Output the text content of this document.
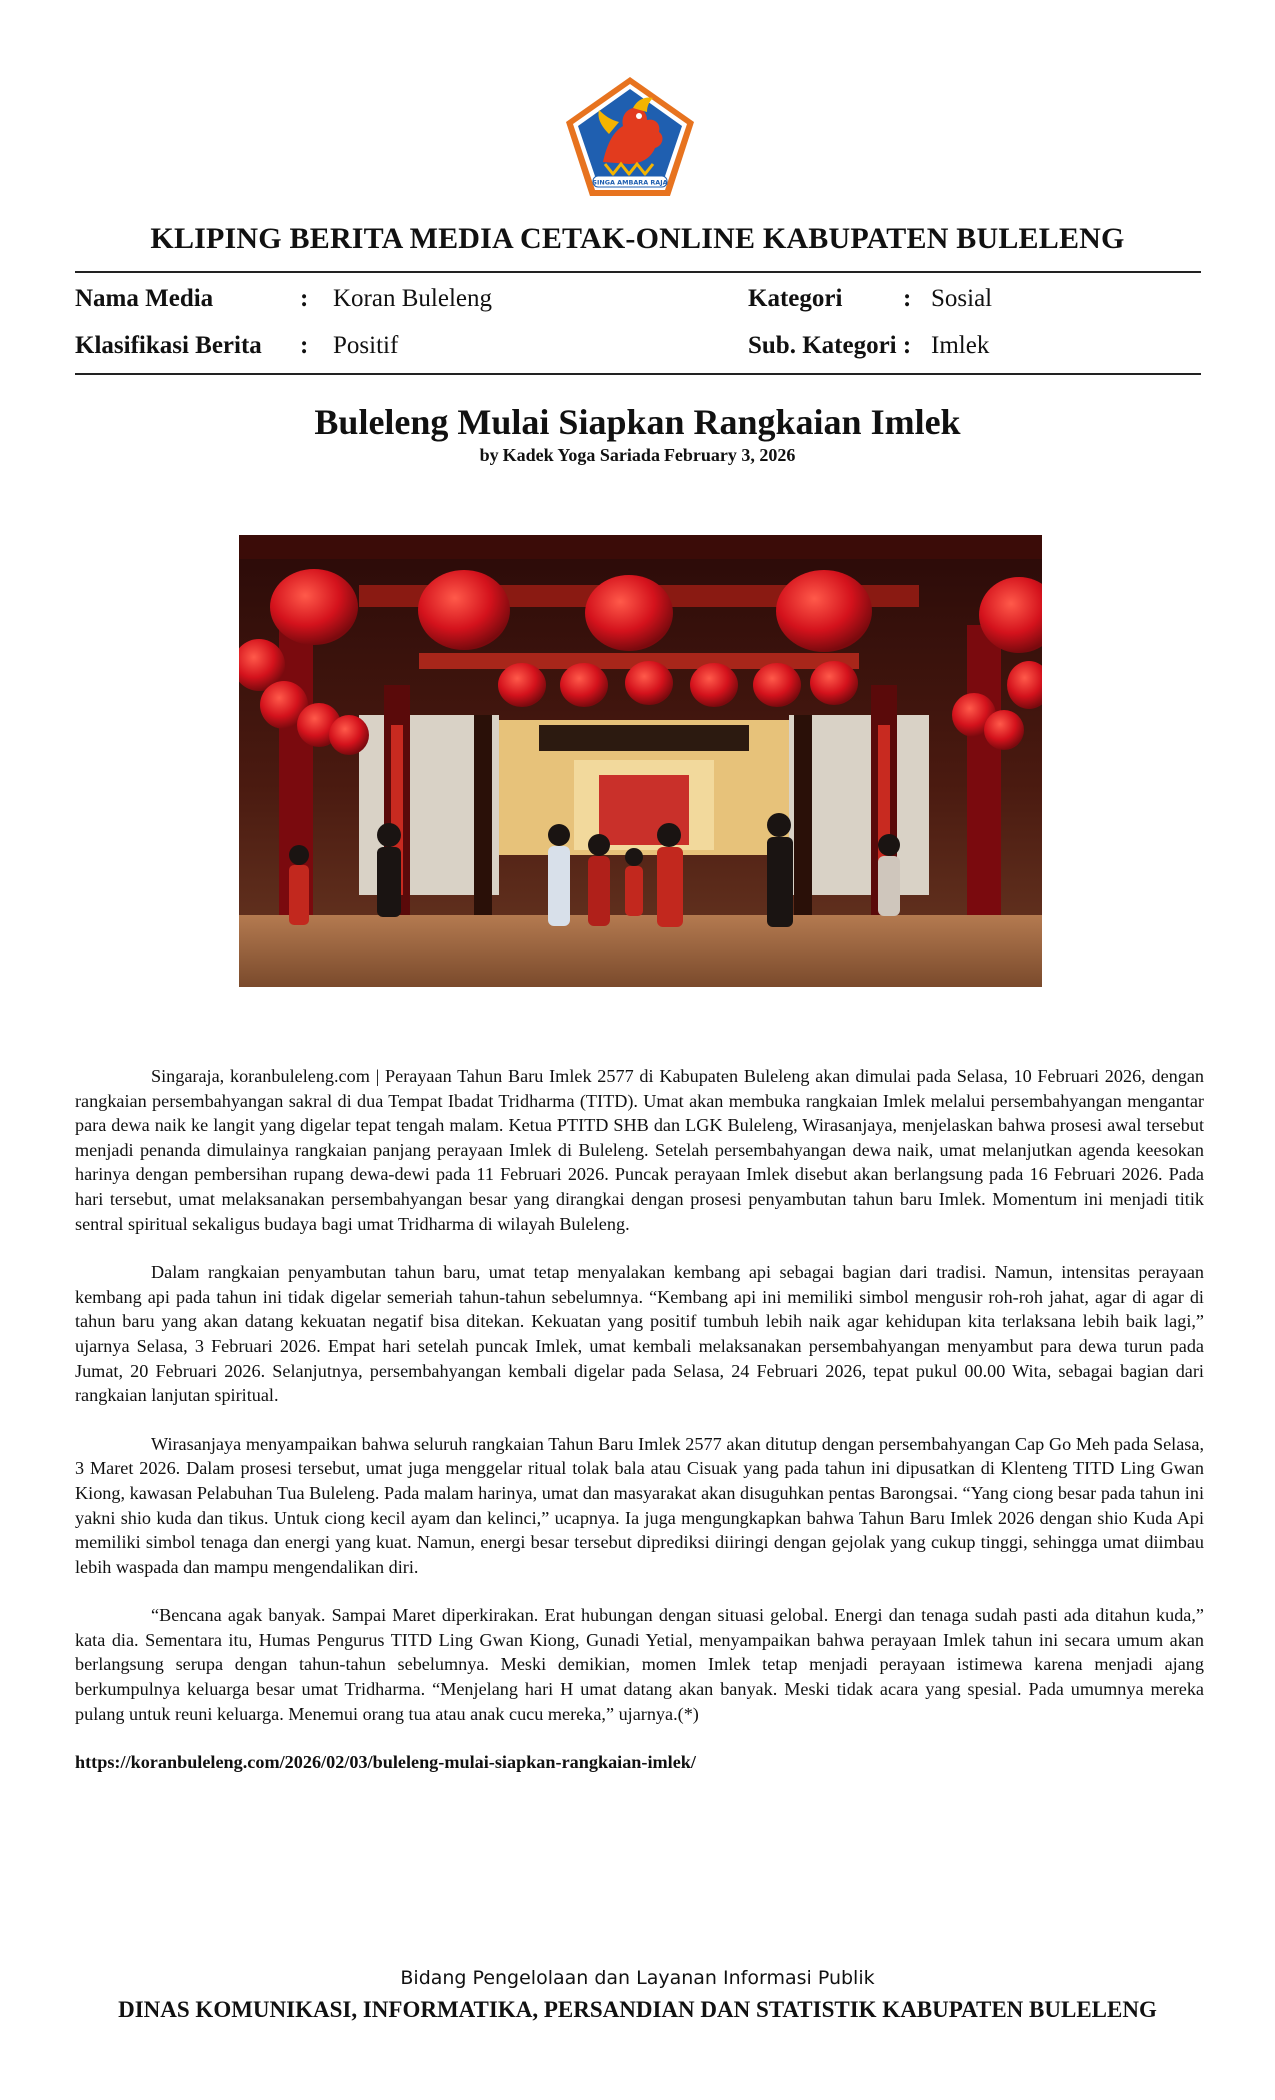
SINGA AMBARA RAJA
KLIPING BERITA MEDIA CETAK-ONLINE KABUPATEN BULELENG
Nama Media	: Koran Buleleng
Klasifikasi Berita : Positif
Kategori : Sosial
Sub. Kategori : Imlek
Buleleng Mulai Siapkan Rangkaian Imlek
by Kadek Yoga Sariada February 3, 2026

Singaraja, koranbuleleng.com | Perayaan Tahun Baru Imlek 2577 di Kabupaten Buleleng akan dimulai pada Selasa, 10 Februari 2026, dengan rangkaian persembahyangan sakral di dua Tempat Ibadat Tridharma (TITD). Umat akan membuka rangkaian Imlek melalui persembahyangan mengantar para dewa naik ke langit yang digelar tepat tengah malam. Ketua PTITD SHB dan LGK Buleleng, Wirasanjaya, menjelaskan bahwa prosesi awal tersebut menjadi penanda dimulainya rangkaian panjang perayaan Imlek di Buleleng. Setelah persembahyangan dewa naik, umat melanjutkan agenda keesokan harinya dengan pembersihan rupang dewa-dewi pada 11 Februari 2026. Puncak perayaan Imlek disebut akan berlangsung pada 16 Februari 2026. Pada hari tersebut, umat melaksanakan persembahyangan besar yang dirangkai dengan prosesi penyambutan tahun baru Imlek. Momentum ini menjadi titik sentral spiritual sekaligus budaya bagi umat Tridharma di wilayah Buleleng.

Dalam rangkaian penyambutan tahun baru, umat tetap menyalakan kembang api sebagai bagian dari tradisi. Namun, intensitas perayaan kembang api pada tahun ini tidak digelar semeriah tahun-tahun sebelumnya. “Kembang api ini memiliki simbol mengusir roh-roh jahat, agar di agar di tahun baru yang akan datang kekuatan negatif bisa ditekan. Kekuatan yang positif tumbuh lebih naik agar kehidupan kita terlaksana lebih baik lagi,” ujarnya Selasa, 3 Februari 2026. Empat hari setelah puncak Imlek, umat kembali melaksanakan persembahyangan menyambut para dewa turun pada Jumat, 20 Februari 2026. Selanjutnya, persembahyangan kembali digelar pada Selasa, 24 Februari 2026, tepat pukul 00.00 Wita, sebagai bagian dari rangkaian lanjutan spiritual.

Wirasanjaya menyampaikan bahwa seluruh rangkaian Tahun Baru Imlek 2577 akan ditutup dengan persembahyangan Cap Go Meh pada Selasa, 3 Maret 2026. Dalam prosesi tersebut, umat juga menggelar ritual tolak bala atau Cisuak yang pada tahun ini dipusatkan di Klenteng TITD Ling Gwan Kiong, kawasan Pelabuhan Tua Buleleng. Pada malam harinya, umat dan masyarakat akan disuguhkan pentas Barongsai. “Yang ciong besar pada tahun ini yakni shio kuda dan tikus. Untuk ciong kecil ayam dan kelinci,” ucapnya. Ia juga mengungkapkan bahwa Tahun Baru Imlek 2026 dengan shio Kuda Api memiliki simbol tenaga dan energi yang kuat. Namun, energi besar tersebut diprediksi diiringi dengan gejolak yang cukup tinggi, sehingga umat diimbau lebih waspada dan mampu mengendalikan diri.

“Bencana agak banyak. Sampai Maret diperkirakan. Erat hubungan dengan situasi gelobal. Energi dan tenaga sudah pasti ada ditahun kuda,” kata dia. Sementara itu, Humas Pengurus TITD Ling Gwan Kiong, Gunadi Yetial, menyampaikan bahwa perayaan Imlek tahun ini secara umum akan berlangsung serupa dengan tahun-tahun sebelumnya. Meski demikian, momen Imlek tetap menjadi perayaan istimewa karena menjadi ajang berkumpulnya keluarga besar umat Tridharma. “Menjelang hari H umat datang akan banyak. Meski tidak acara yang spesial. Pada umumnya mereka pulang untuk reuni keluarga. Menemui orang tua atau anak cucu mereka,” ujarnya.(*)

https://koranbuleleng.com/2026/02/03/buleleng-mulai-siapkan-rangkaian-imlek/

Bidang Pengelolaan dan Layanan Informasi Publik
DINAS KOMUNIKASI, INFORMATIKA, PERSANDIAN DAN STATISTIK KABUPATEN BULELENG
